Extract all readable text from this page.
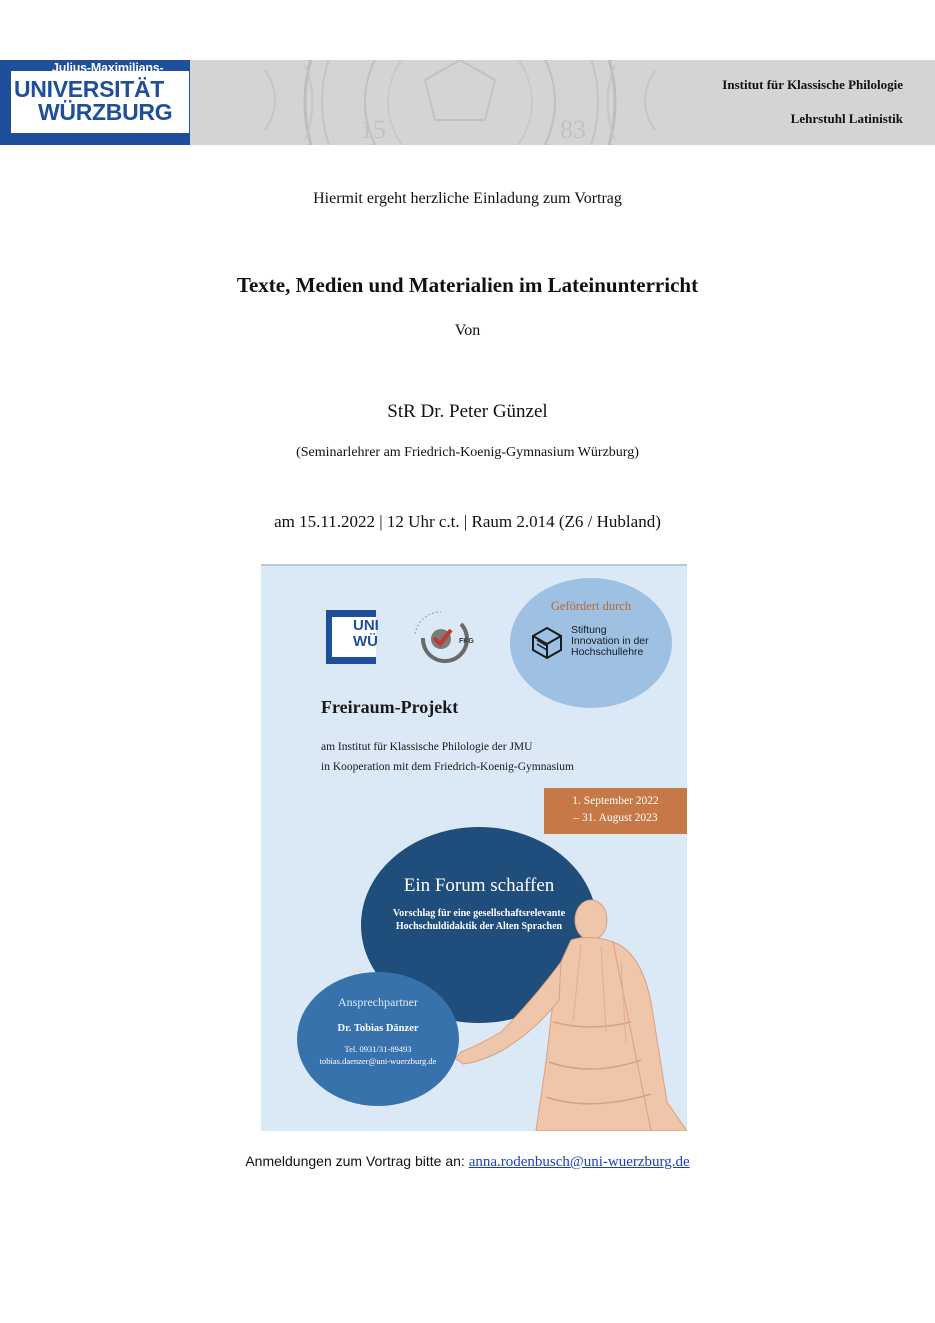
15	83
Julius-Maximilians-
UNIVERSITÄT
WÜRZBURG
Institut für Klassische Philologie
Lehrstuhl Latinistik
Hiermit ergeht herzliche Einladung zum Vortrag
Texte, Medien und Materialien im Lateinunterricht
Von
StR Dr. Peter Günzel
(Seminarlehrer am Friedrich-Koenig-Gymnasium Würzburg)
am 15.11.2022 | 12 Uhr c.t. | Raum 2.014 (Z6 / Hubland)
UNI
WÜ	FKG
Gefördert durch
Stiftung
Innovation in der
Hochschullehre
Freiraum-Projekt
am Institut für Klassische Philologie der JMU
in Kooperation mit dem Friedrich-Koenig-Gymnasium
1. September 2022
– 31. August 2023
Ein Forum schaffen
Vorschlag für eine gesellschaftsrelevante
Hochschuldidaktik der Alten Sprachen
Ansprechpartner
Dr. Tobias Dänzer
Tel. 0931/31-89493
tobias.daenzer@uni-wuerzburg.de
Anmeldungen zum Vortrag bitte an: anna.rodenbusch@uni-wuerzburg.de
